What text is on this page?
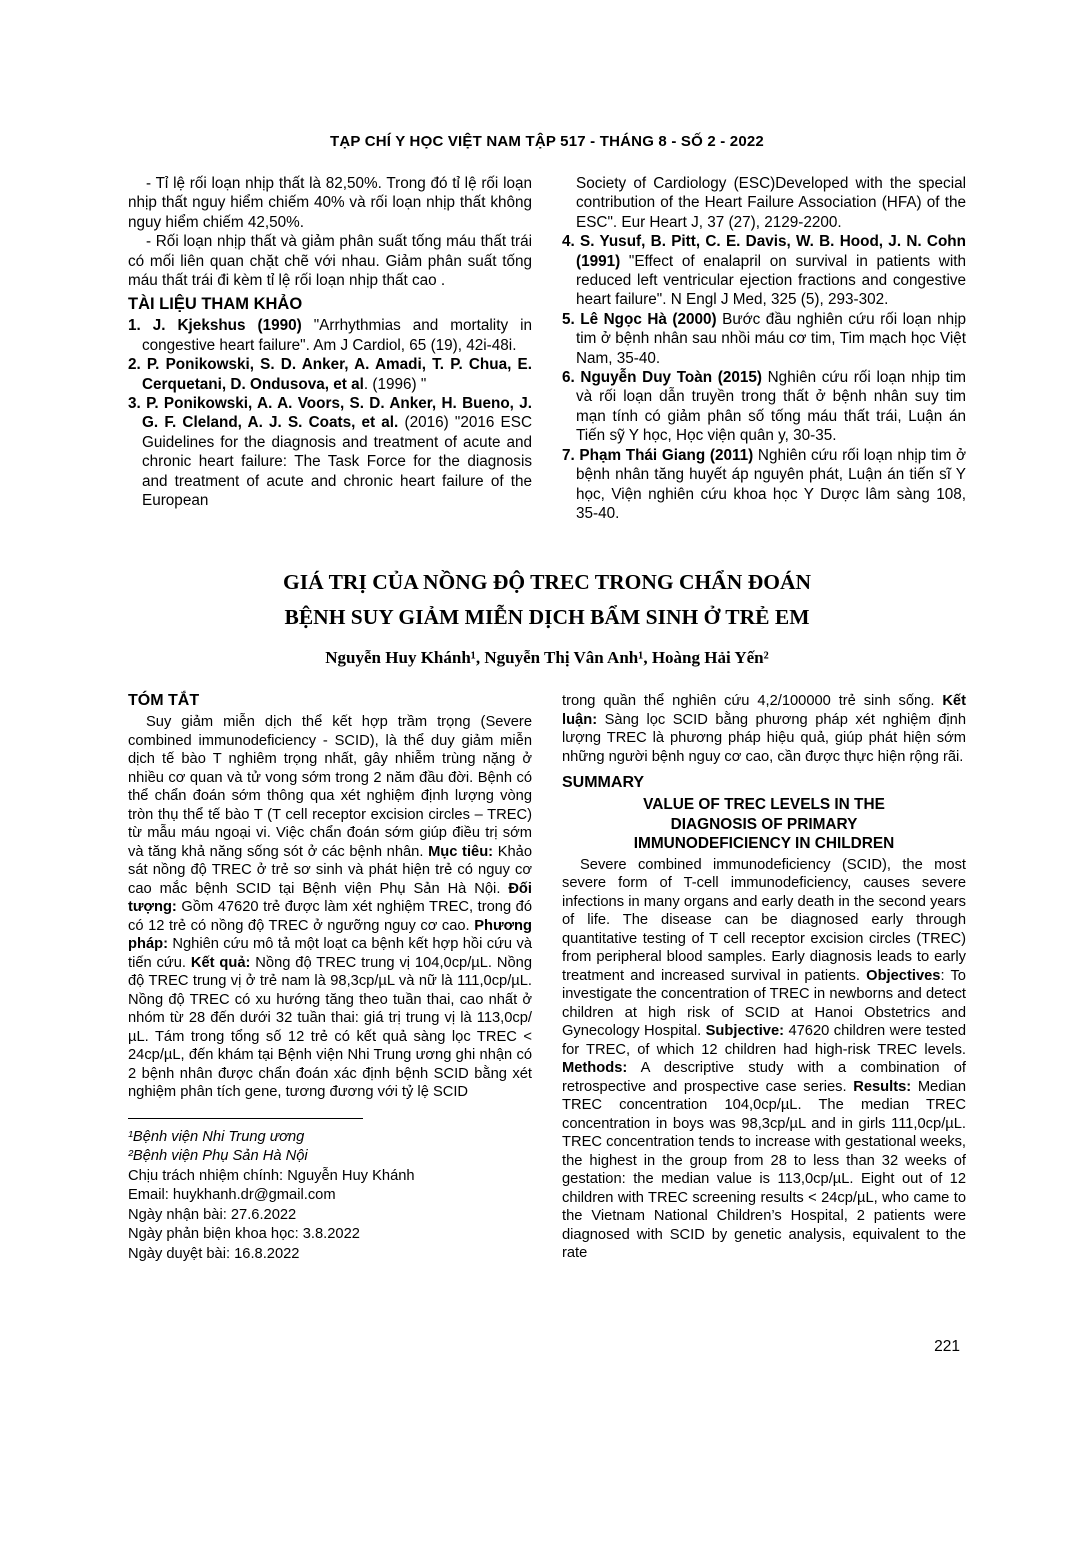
TẠP CHÍ Y HỌC VIỆT NAM TẬP 517 - THÁNG 8 - SỐ 2 - 2022

- Tỉ lệ rối loạn nhịp thất là 82,50%. Trong đó tỉ lệ rối loạn nhịp thất nguy hiểm chiếm 40% và rối loạn nhịp thất không nguy hiểm chiếm 42,50%.

- Rối loạn nhịp thất và giảm phân suất tống máu thất trái có mối liên quan chặt chẽ với nhau. Giảm phân suất tống máu thất trái đi kèm tỉ lệ rối loạn nhịp thất cao .

TÀI LIỆU THAM KHẢO
1. J. Kjekshus (1990) "Arrhythmias and mortality in congestive heart failure". Am J Cardiol, 65 (19), 42i-48i.
2. P. Ponikowski, S. D. Anker, A. Amadi, T. P. Chua, E. Cerquetani, D. Ondusova, et al. (1996) "
3. P. Ponikowski, A. A. Voors, S. D. Anker, H. Bueno, J. G. F. Cleland, A. J. S. Coats, et al. (2016) "2016 ESC Guidelines for the diagnosis and treatment of acute and chronic heart failure: The Task Force for the diagnosis and treatment of acute and chronic heart failure of the European
Society of Cardiology (ESC)Developed with the special contribution of the Heart Failure Association (HFA) of the ESC". Eur Heart J, 37 (27), 2129-2200.
4. S. Yusuf, B. Pitt, C. E. Davis, W. B. Hood, J. N. Cohn (1991) "Effect of enalapril on survival in patients with reduced left ventricular ejection fractions and congestive heart failure". N Engl J Med, 325 (5), 293-302.
5. Lê Ngọc Hà (2000) Bước đầu nghiên cứu rối loạn nhịp tim ở bệnh nhân sau nhồi máu cơ tim, Tim mạch học Việt Nam, 35-40.
6. Nguyễn Duy Toàn (2015) Nghiên cứu rối loạn nhịp tim và rối loạn dẫn truyền trong thất ở bệnh nhân suy tim mạn tính có giảm phân số tống máu thất trái, Luận án Tiến sỹ Y học, Học viện quân y, 30-35.
7. Phạm Thái Giang (2011) Nghiên cứu rối loạn nhịp tim ở bệnh nhân tăng huyết áp nguyên phát, Luận án tiến sĩ Y học, Viện nghiên cứu khoa học Y Dược lâm sàng 108, 35-40.
GIÁ TRỊ CỦA NỒNG ĐỘ TREC TRONG CHẨN ĐOÁN
BỆNH SUY GIẢM MIỄN DỊCH BẨM SINH Ở TRẺ EM
Nguyễn Huy Khánh¹, Nguyễn Thị Vân Anh¹, Hoàng Hải Yến²
TÓM TẮT

Suy giảm miễn dịch thể kết hợp trầm trọng (Severe combined immunodeficiency - SCID), là thể duy giảm miễn dịch tế bào T nghiêm trọng nhất, gây nhiễm trùng nặng ở nhiều cơ quan và tử vong sớm trong 2 năm đầu đời. Bệnh có thể chẩn đoán sớm thông qua xét nghiệm định lượng vòng tròn thụ thể tế bào T (T cell receptor excision circles – TREC) từ mẫu máu ngoại vi. Việc chẩn đoán sớm giúp điều trị sớm và tăng khả năng sống sót ở các bệnh nhân. Mục tiêu: Khảo sát nồng độ TREC ở trẻ sơ sinh và phát hiện trẻ có nguy cơ cao mắc bệnh SCID tại Bệnh viện Phụ Sản Hà Nội. Đối tượng: Gồm 47620 trẻ được làm xét nghiệm TREC, trong đó có 12 trẻ có nồng độ TREC ở ngưỡng nguy cơ cao. Phương pháp: Nghiên cứu mô tả một loạt ca bệnh kết hợp hồi cứu và tiến cứu. Kết quả: Nồng độ TREC trung vị 104,0cp/µL. Nồng độ TREC trung vị ở trẻ nam là 98,3cp/µL và nữ là 111,0cp/µL. Nồng độ TREC có xu hướng tăng theo tuần thai, cao nhất ở nhóm từ 28 đến dưới 32 tuần thai: giá trị trung vị là 113,0cp/µL. Tám trong tổng số 12 trẻ có kết quả sàng lọc TREC < 24cp/µL, đến khám tại Bệnh viện Nhi Trung ương ghi nhận có 2 bệnh nhân được chẩn đoán xác định bệnh SCID bằng xét nghiệm phân tích gene, tương đương với tỷ lệ SCID

¹Bệnh viện Nhi Trung ương
²Bệnh viện Phụ Sản Hà Nội
Chịu trách nhiệm chính: Nguyễn Huy Khánh
Email: huykhanh.dr@gmail.com
Ngày nhận bài: 27.6.2022
Ngày phản biện khoa học: 3.8.2022
Ngày duyệt bài: 16.8.2022

trong quần thể nghiên cứu 4,2/100000 trẻ sinh sống. Kết luận: Sàng lọc SCID bằng phương pháp xét nghiệm định lượng TREC là phương pháp hiệu quả, giúp phát hiện sớm những người bệnh nguy cơ cao, cần được thực hiện rộng rãi.

SUMMARY
VALUE OF TREC LEVELS IN THE
DIAGNOSIS OF PRIMARY
IMMUNODEFICIENCY IN CHILDREN

Severe combined immunodeficiency (SCID), the most severe form of T-cell immunodeficiency, causes severe infections in many organs and early death in the second years of life. The disease can be diagnosed early through quantitative testing of T cell receptor excision circles (TREC) from peripheral blood samples. Early diagnosis leads to early treatment and increased survival in patients. Objectives: To investigate the concentration of TREC in newborns and detect children at high risk of SCID at Hanoi Obstetrics and Gynecology Hospital. Subjective: 47620 children were tested for TREC, of which 12 children had high-risk TREC levels. Methods: A descriptive study with a combination of retrospective and prospective case series. Results: Median TREC concentration 104,0cp/µL. The median TREC concentration in boys was 98,3cp/µL and in girls 111,0cp/µL. TREC concentration tends to increase with gestational weeks, the highest in the group from 28 to less than 32 weeks of gestation: the median value is 113,0cp/µL. Eight out of 12 children with TREC screening results < 24cp/µL, who came to the Vietnam National Children’s Hospital, 2 patients were diagnosed with SCID by genetic analysis, equivalent to the rate

221
